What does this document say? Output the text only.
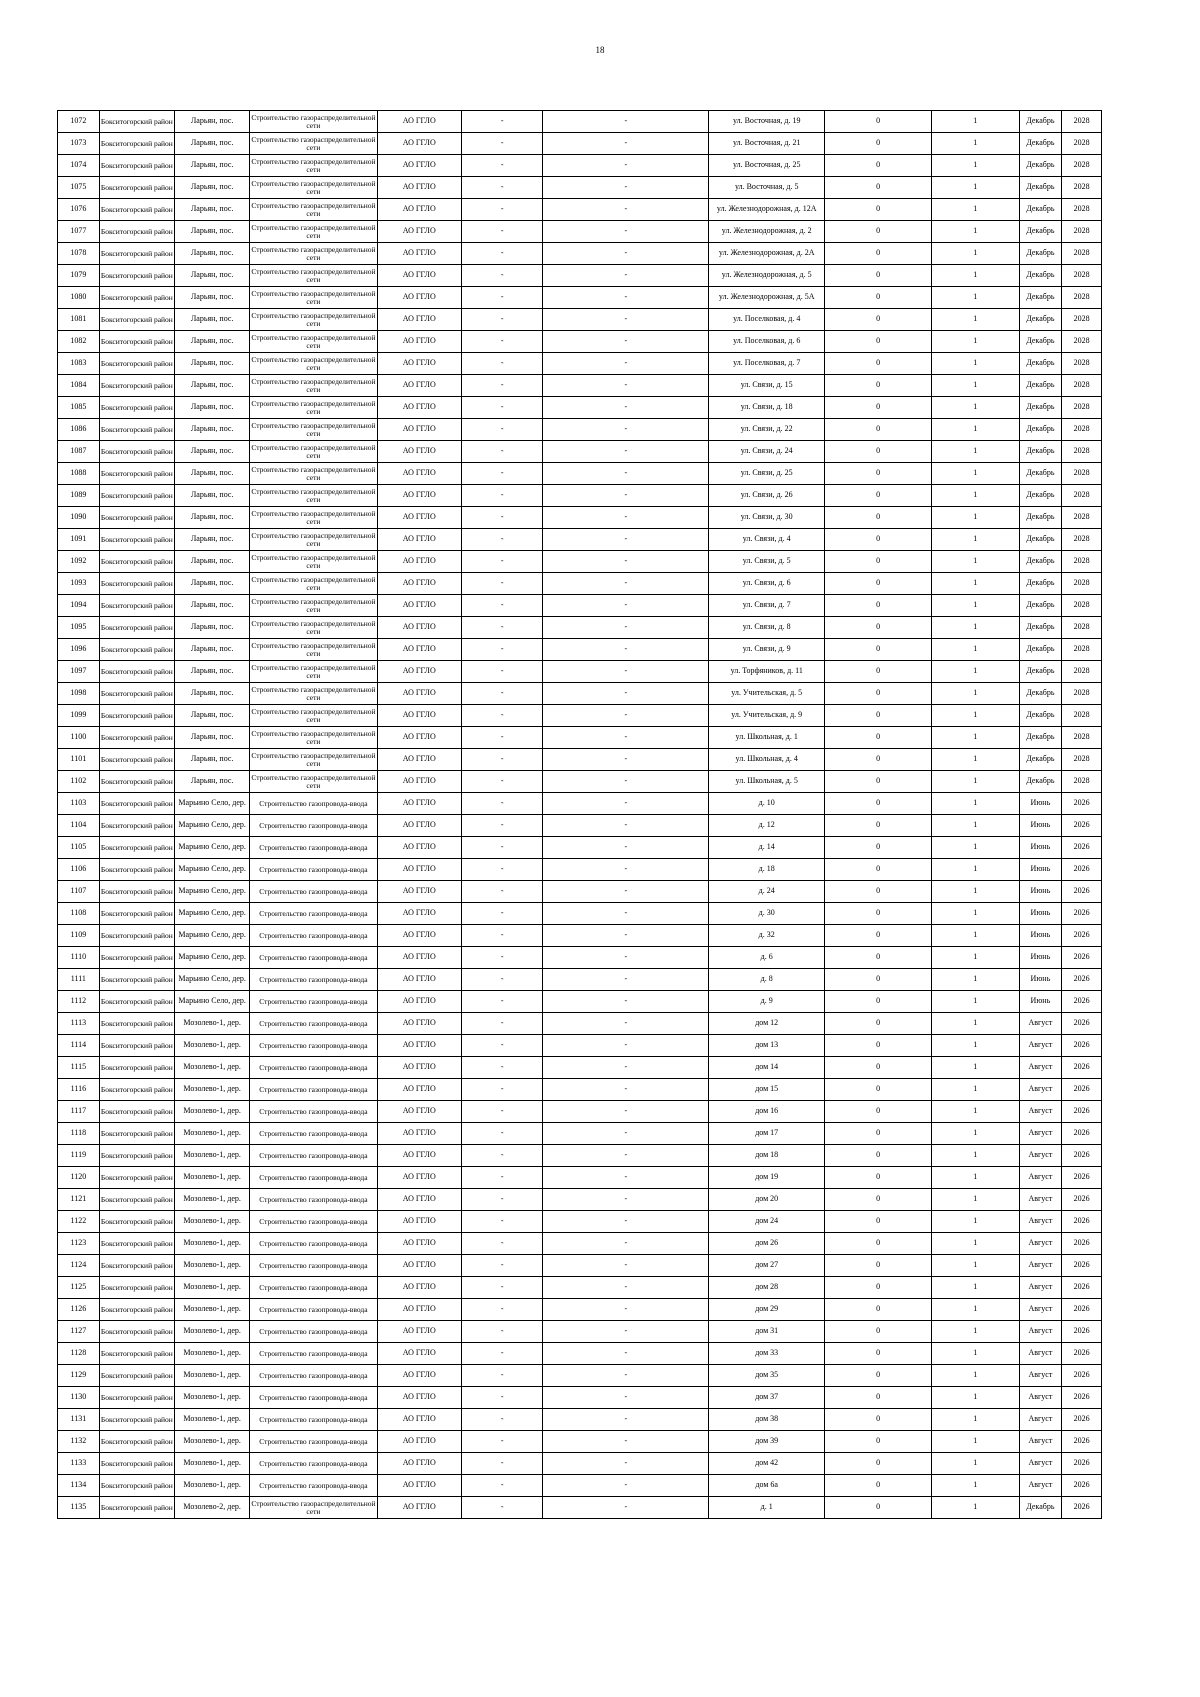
18
1072	Бокситогорский район	Ларьян, пос.	Строительство газораспределительной сети	АО ГГЛО	-	-	ул. Восточная, д. 19	0	1	Декабрь	2028
1073	Бокситогорский район	Ларьян, пос.	Строительство газораспределительной сети	АО ГГЛО	-	-	ул. Восточная, д. 21	0	1	Декабрь	2028
1074	Бокситогорский район	Ларьян, пос.	Строительство газораспределительной сети	АО ГГЛО	-	-	ул. Восточная, д. 25	0	1	Декабрь	2028
1075	Бокситогорский район	Ларьян, пос.	Строительство газораспределительной сети	АО ГГЛО	-	-	ул. Восточная, д. 5	0	1	Декабрь	2028
1076	Бокситогорский район	Ларьян, пос.	Строительство газораспределительной сети	АО ГГЛО	-	-	ул. Железнодорожная, д. 12А	0	1	Декабрь	2028
1077	Бокситогорский район	Ларьян, пос.	Строительство газораспределительной сети	АО ГГЛО	-	-	ул. Железнодорожная, д. 2	0	1	Декабрь	2028
1078	Бокситогорский район	Ларьян, пос.	Строительство газораспределительной сети	АО ГГЛО	-	-	ул. Железнодорожная, д. 2А	0	1	Декабрь	2028
1079	Бокситогорский район	Ларьян, пос.	Строительство газораспределительной сети	АО ГГЛО	-	-	ул. Железнодорожная, д. 5	0	1	Декабрь	2028
1080	Бокситогорский район	Ларьян, пос.	Строительство газораспределительной сети	АО ГГЛО	-	-	ул. Железнодорожная, д. 5А	0	1	Декабрь	2028
1081	Бокситогорский район	Ларьян, пос.	Строительство газораспределительной сети	АО ГГЛО	-	-	ул. Поселковая, д. 4	0	1	Декабрь	2028
1082	Бокситогорский район	Ларьян, пос.	Строительство газораспределительной сети	АО ГГЛО	-	-	ул. Поселковая, д. 6	0	1	Декабрь	2028
1083	Бокситогорский район	Ларьян, пос.	Строительство газораспределительной сети	АО ГГЛО	-	-	ул. Поселковая, д. 7	0	1	Декабрь	2028
1084	Бокситогорский район	Ларьян, пос.	Строительство газораспределительной сети	АО ГГЛО	-	-	ул. Связи, д. 15	0	1	Декабрь	2028
1085	Бокситогорский район	Ларьян, пос.	Строительство газораспределительной сети	АО ГГЛО	-	-	ул. Связи, д. 18	0	1	Декабрь	2028
1086	Бокситогорский район	Ларьян, пос.	Строительство газораспределительной сети	АО ГГЛО	-	-	ул. Связи, д. 22	0	1	Декабрь	2028
1087	Бокситогорский район	Ларьян, пос.	Строительство газораспределительной сети	АО ГГЛО	-	-	ул. Связи, д. 24	0	1	Декабрь	2028
1088	Бокситогорский район	Ларьян, пос.	Строительство газораспределительной сети	АО ГГЛО	-	-	ул. Связи, д. 25	0	1	Декабрь	2028
1089	Бокситогорский район	Ларьян, пос.	Строительство газораспределительной сети	АО ГГЛО	-	-	ул. Связи, д. 26	0	1	Декабрь	2028
1090	Бокситогорский район	Ларьян, пос.	Строительство газораспределительной сети	АО ГГЛО	-	-	ул. Связи, д. 30	0	1	Декабрь	2028
1091	Бокситогорский район	Ларьян, пос.	Строительство газораспределительной сети	АО ГГЛО	-	-	ул. Связи, д. 4	0	1	Декабрь	2028
1092	Бокситогорский район	Ларьян, пос.	Строительство газораспределительной сети	АО ГГЛО	-	-	ул. Связи, д. 5	0	1	Декабрь	2028
1093	Бокситогорский район	Ларьян, пос.	Строительство газораспределительной сети	АО ГГЛО	-	-	ул. Связи, д. 6	0	1	Декабрь	2028
1094	Бокситогорский район	Ларьян, пос.	Строительство газораспределительной сети	АО ГГЛО	-	-	ул. Связи, д. 7	0	1	Декабрь	2028
1095	Бокситогорский район	Ларьян, пос.	Строительство газораспределительной сети	АО ГГЛО	-	-	ул. Связи, д. 8	0	1	Декабрь	2028
1096	Бокситогорский район	Ларьян, пос.	Строительство газораспределительной сети	АО ГГЛО	-	-	ул. Связи, д. 9	0	1	Декабрь	2028
1097	Бокситогорский район	Ларьян, пос.	Строительство газораспределительной сети	АО ГГЛО	-	-	ул. Торфяников, д. 11	0	1	Декабрь	2028
1098	Бокситогорский район	Ларьян, пос.	Строительство газораспределительной сети	АО ГГЛО	-	-	ул. Учительская, д. 5	0	1	Декабрь	2028
1099	Бокситогорский район	Ларьян, пос.	Строительство газораспределительной сети	АО ГГЛО	-	-	ул. Учительская, д. 9	0	1	Декабрь	2028
1100	Бокситогорский район	Ларьян, пос.	Строительство газораспределительной сети	АО ГГЛО	-	-	ул. Школьная, д. 1	0	1	Декабрь	2028
1101	Бокситогорский район	Ларьян, пос.	Строительство газораспределительной сети	АО ГГЛО	-	-	ул. Школьная, д. 4	0	1	Декабрь	2028
1102	Бокситогорский район	Ларьян, пос.	Строительство газораспределительной сети	АО ГГЛО	-	-	ул. Школьная, д. 5	0	1	Декабрь	2028
1103	Бокситогорский район	Марьино Село, дер.	Строительство газопровода-ввода	АО ГГЛО	-	-	д. 10	0	1	Июнь	2026
1104	Бокситогорский район	Марьино Село, дер.	Строительство газопровода-ввода	АО ГГЛО	-	-	д. 12	0	1	Июнь	2026
1105	Бокситогорский район	Марьино Село, дер.	Строительство газопровода-ввода	АО ГГЛО	-	-	д. 14	0	1	Июнь	2026
1106	Бокситогорский район	Марьино Село, дер.	Строительство газопровода-ввода	АО ГГЛО	-	-	д. 18	0	1	Июнь	2026
1107	Бокситогорский район	Марьино Село, дер.	Строительство газопровода-ввода	АО ГГЛО	-	-	д. 24	0	1	Июнь	2026
1108	Бокситогорский район	Марьино Село, дер.	Строительство газопровода-ввода	АО ГГЛО	-	-	д. 30	0	1	Июнь	2026
1109	Бокситогорский район	Марьино Село, дер.	Строительство газопровода-ввода	АО ГГЛО	-	-	д. 32	0	1	Июнь	2026
1110	Бокситогорский район	Марьино Село, дер.	Строительство газопровода-ввода	АО ГГЛО	-	-	д. 6	0	1	Июнь	2026
1111	Бокситогорский район	Марьино Село, дер.	Строительство газопровода-ввода	АО ГГЛО	-	-	д. 8	0	1	Июнь	2026
1112	Бокситогорский район	Марьино Село, дер.	Строительство газопровода-ввода	АО ГГЛО	-	-	д. 9	0	1	Июнь	2026
1113	Бокситогорский район	Мозолево-1, дер.	Строительство газопровода-ввода	АО ГГЛО	-	-	дом 12	0	1	Август	2026
1114	Бокситогорский район	Мозолево-1, дер.	Строительство газопровода-ввода	АО ГГЛО	-	-	дом 13	0	1	Август	2026
1115	Бокситогорский район	Мозолево-1, дер.	Строительство газопровода-ввода	АО ГГЛО	-	-	дом 14	0	1	Август	2026
1116	Бокситогорский район	Мозолево-1, дер.	Строительство газопровода-ввода	АО ГГЛО	-	-	дом 15	0	1	Август	2026
1117	Бокситогорский район	Мозолево-1, дер.	Строительство газопровода-ввода	АО ГГЛО	-	-	дом 16	0	1	Август	2026
1118	Бокситогорский район	Мозолево-1, дер.	Строительство газопровода-ввода	АО ГГЛО	-	-	дом 17	0	1	Август	2026
1119	Бокситогорский район	Мозолево-1, дер.	Строительство газопровода-ввода	АО ГГЛО	-	-	дом 18	0	1	Август	2026
1120	Бокситогорский район	Мозолево-1, дер.	Строительство газопровода-ввода	АО ГГЛО	-	-	дом 19	0	1	Август	2026
1121	Бокситогорский район	Мозолево-1, дер.	Строительство газопровода-ввода	АО ГГЛО	-	-	дом 20	0	1	Август	2026
1122	Бокситогорский район	Мозолево-1, дер.	Строительство газопровода-ввода	АО ГГЛО	-	-	дом 24	0	1	Август	2026
1123	Бокситогорский район	Мозолево-1, дер.	Строительство газопровода-ввода	АО ГГЛО	-	-	дом 26	0	1	Август	2026
1124	Бокситогорский район	Мозолево-1, дер.	Строительство газопровода-ввода	АО ГГЛО	-	-	дом 27	0	1	Август	2026
1125	Бокситогорский район	Мозолево-1, дер.	Строительство газопровода-ввода	АО ГГЛО	-	-	дом 28	0	1	Август	2026
1126	Бокситогорский район	Мозолево-1, дер.	Строительство газопровода-ввода	АО ГГЛО	-	-	дом 29	0	1	Август	2026
1127	Бокситогорский район	Мозолево-1, дер.	Строительство газопровода-ввода	АО ГГЛО	-	-	дом 31	0	1	Август	2026
1128	Бокситогорский район	Мозолево-1, дер.	Строительство газопровода-ввода	АО ГГЛО	-	-	дом 33	0	1	Август	2026
1129	Бокситогорский район	Мозолево-1, дер.	Строительство газопровода-ввода	АО ГГЛО	-	-	дом 35	0	1	Август	2026
1130	Бокситогорский район	Мозолево-1, дер.	Строительство газопровода-ввода	АО ГГЛО	-	-	дом 37	0	1	Август	2026
1131	Бокситогорский район	Мозолево-1, дер.	Строительство газопровода-ввода	АО ГГЛО	-	-	дом 38	0	1	Август	2026
1132	Бокситогорский район	Мозолево-1, дер.	Строительство газопровода-ввода	АО ГГЛО	-	-	дом 39	0	1	Август	2026
1133	Бокситогорский район	Мозолево-1, дер.	Строительство газопровода-ввода	АО ГГЛО	-	-	дом 42	0	1	Август	2026
1134	Бокситогорский район	Мозолево-1, дер.	Строительство газопровода-ввода	АО ГГЛО	-	-	дом 6а	0	1	Август	2026
1135	Бокситогорский район	Мозолево-2, дер.	Строительство газораспределительной сети	АО ГГЛО	-	-	д. 1	0	1	Декабрь	2026
